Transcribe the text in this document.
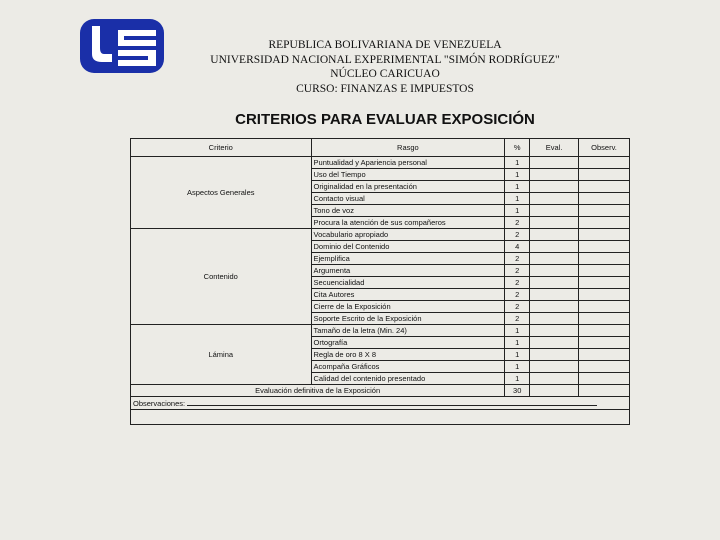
REPUBLICA BOLIVARIANA DE VENEZUELA
UNIVERSIDAD NACIONAL EXPERIMENTAL "SIMÓN RODRÍGUEZ"
NÚCLEO CARICUAO
CURSO: FINANZAS E IMPUESTOS
CRITERIOS PARA EVALUAR EXPOSICIÓN
Criterio	Rasgo	%	Eval.	Observ.
Aspectos Generales	Puntualidad y Apariencia personal	1		
	Uso del Tiempo	1		
	Originalidad en la presentación	1		
	Contacto visual	1		
	Tono de voz	1		
	Procura la atención de sus compañeros	2		
Contenido	Vocabulario apropiado	2		
	Dominio del Contenido	4		
	Ejemplifica	2		
	Argumenta	2		
	Secuencialidad	2		
	Cita Autores	2		
	Cierre de la Exposición	2		
	Soporte Escrito de la Exposición	2		
Lámina	Tamaño de la letra (Min. 24)	1		
	Ortografía	1		
	Regla de oro 8 X 8	1		
	Acompaña Gráficos	1		
	Calidad del contenido presentado	1		
Evaluación definitiva de la Exposición		30		
Observaciones:				
